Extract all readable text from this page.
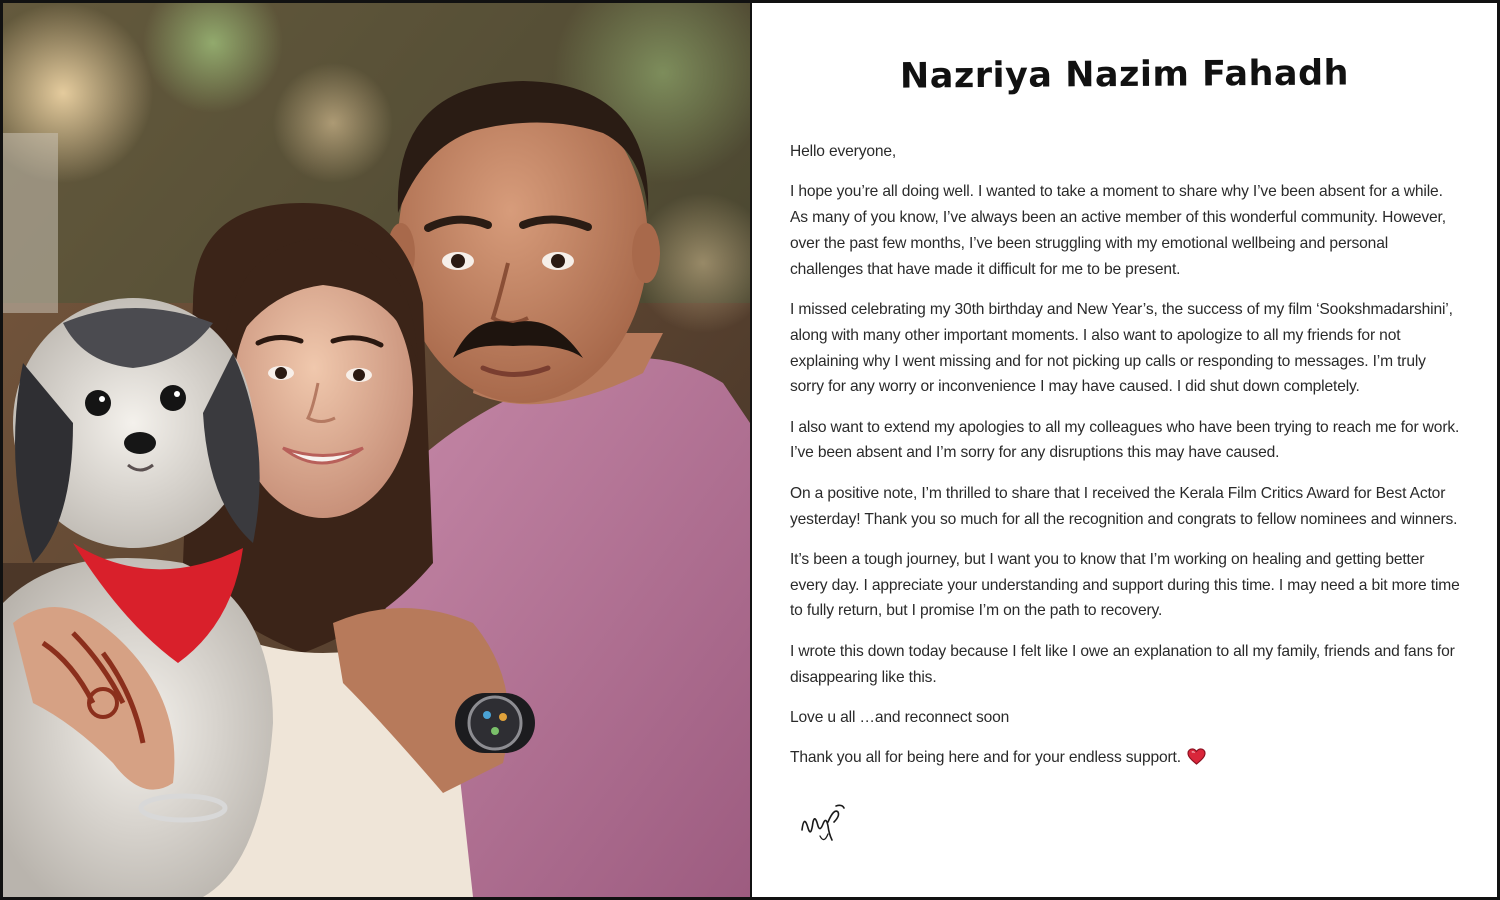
Nazriya Nazim Fahadh

Hello everyone,

I hope you’re all doing well. I wanted to take a moment to share why I’ve been absent for a while. As many of you know, I’ve always been an active member of this wonderful community. However, over the past few months, I’ve been struggling with my emotional wellbeing and personal challenges that have made it difficult for me to be present.

I missed celebrating my 30th birthday and New Year’s, the success of my film ‘Sookshmadarshini’, along with many other important moments. I also want to apologize to all my friends for not explaining why I went missing and for not picking up calls or responding to messages. I’m truly sorry for any worry or inconvenience I may have caused. I did shut down completely.

I also want to extend my apologies to all my colleagues who have been trying to reach me for work. I’ve been absent and I’m sorry for any disruptions this may have caused.

On a positive note, I’m thrilled to share that I received the Kerala Film Critics Award for Best Actor yesterday! Thank you so much for all the recognition and congrats to fellow nominees and winners.

It’s been a tough journey, but I want you to know that I’m working on healing and getting better every day. I appreciate your understanding and support during this time. I may need a bit more time to fully return, but I promise I’m on the path to recovery.

I wrote this down today because I felt like I owe an explanation to all my family, friends and fans for disappearing like this.

Love u all …and reconnect soon

Thank you all for being here and for your endless support.
